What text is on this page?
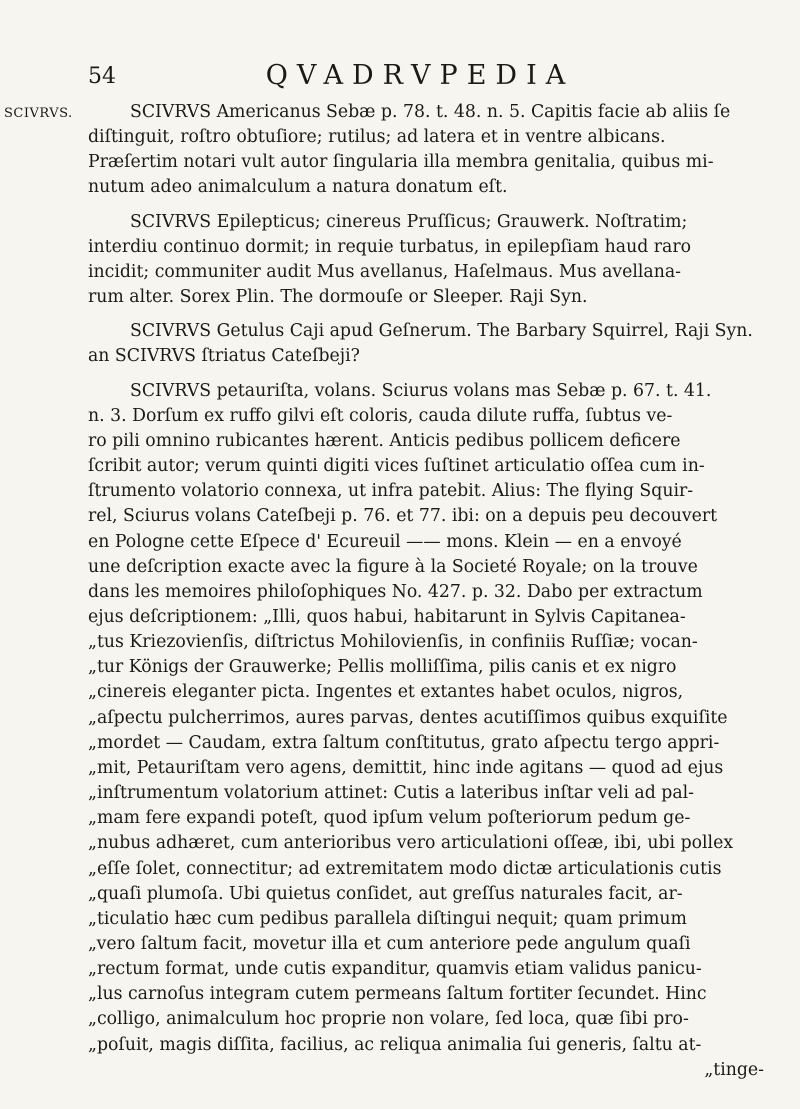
54	QVADRVPEDIA
SCIVRVS.	SCIVRVS Americanus Sebæ p. 78. t. 48. n. 5. Capitis facie ab aliis ſe
diſtinguit, roſtro obtuſiore; rutilus; ad latera et in ventre albicans.
Præſertim notari vult autor ſingularia illa membra genitalia, quibus mi-
nutum adeo animalculum a natura donatum eſt.

SCIVRVS Epilepticus; cinereus Pruſſicus; Grauwerk. Noſtratim;
interdiu continuo dormit; in requie turbatus, in epilepſiam haud raro
incidit; communiter audit Mus avellanus, Haſelmaus. Mus avellana-
rum alter. Sorex Plin. The dormouſe or Sleeper. Raji Syn.

SCIVRVS Getulus Caji apud Geſnerum. The Barbary Squirrel, Raji Syn.
an SCIVRVS ſtriatus Cateſbeji?

SCIVRVS petauriſta, volans. Sciurus volans mas Sebæ p. 67. t. 41.
n. 3. Dorſum ex ruffo gilvi eſt coloris, cauda dilute ruffa, ſubtus ve-
ro pili omnino rubicantes hærent. Anticis pedibus pollicem deficere
ſcribit autor; verum quinti digiti vices ſuſtinet articulatio oſſea cum in-
ſtrumento volatorio connexa, ut infra patebit. Alius: The flying Squir-
rel, Sciurus volans Cateſbeji p. 76. et 77. ibi: on a depuis peu decouvert
en Pologne cette Eſpece d' Ecureuil —— mons. Klein — en a envoyé
une deſcription exacte avec la figure à la Societé Royale; on la trouve
dans les memoires philoſophiques No. 427. p. 32. Dabo per extractum
ejus deſcriptionem: „Illi, quos habui, habitarunt in Sylvis Capitanea-
„tus Kriezovienſis, diſtrictus Mohilovienſis, in confiniis Ruſſiæ; vocan-
„tur Königs der Grauwerke; Pellis molliſſima, pilis canis et ex nigro
„cinereis eleganter picta. Ingentes et extantes habet oculos, nigros,
„aſpectu pulcherrimos, aures parvas, dentes acutiſſimos quibus exquiſite
„mordet — Caudam, extra ſaltum conſtitutus, grato aſpectu tergo appri-
„mit, Petauriſtam vero agens, demittit, hinc inde agitans — quod ad ejus
„inſtrumentum volatorium attinet: Cutis a lateribus inſtar veli ad pal-
„mam fere expandi poteſt, quod ipſum velum poſteriorum pedum ge-
„nubus adhæret, cum anterioribus vero articulationi oſſeæ, ibi, ubi pollex
„eſſe ſolet, connectitur; ad extremitatem modo dictæ articulationis cutis
„quaſi plumoſa. Ubi quietus conſidet, aut greſſus naturales facit, ar-
„ticulatio hæc cum pedibus parallela diſtingui nequit; quam primum
„vero ſaltum facit, movetur illa et cum anteriore pede angulum quaſi
„rectum format, unde cutis expanditur, quamvis etiam validus panicu-
„lus carnoſus integram cutem permeans ſaltum fortiter ſecundet. Hinc
„colligo, animalculum hoc proprie non volare, ſed loca, quæ ſibi pro-
„poſuit, magis diſſita, facilius, ac reliqua animalia ſui generis, ſaltu at-
„tinge-
